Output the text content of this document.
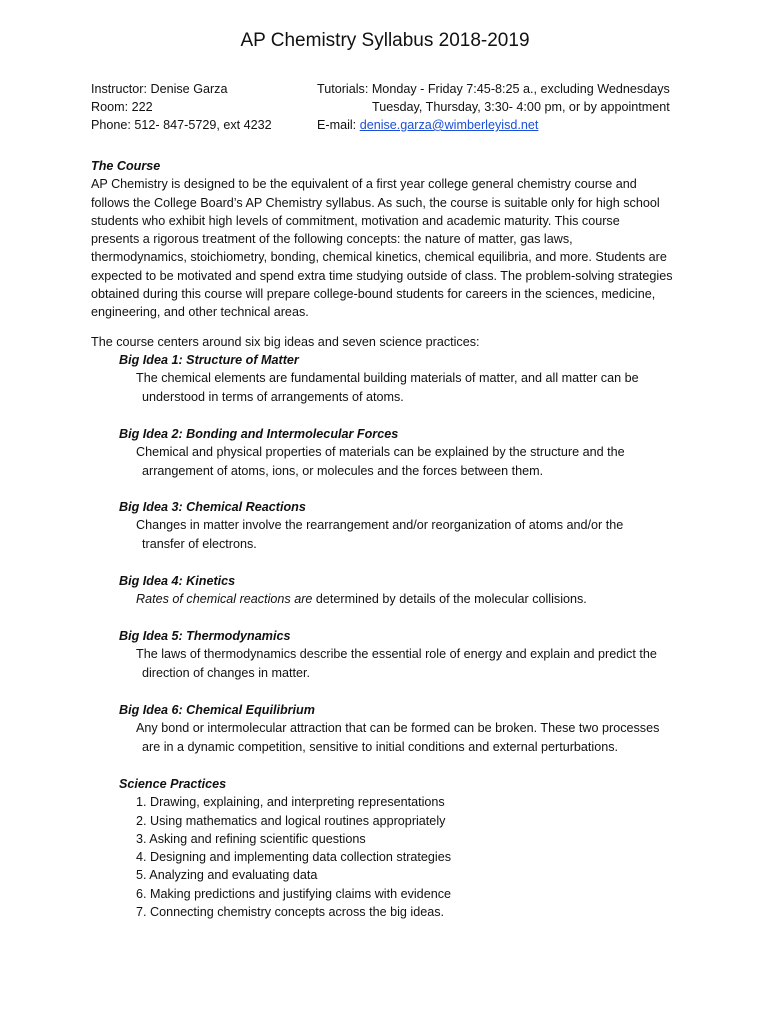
AP Chemistry Syllabus 2018-2019
Instructor: Denise Garza
Room: 222
Phone: 512- 847-5729, ext 4232
Tutorials: Monday - Friday 7:45-8:25 a., excluding Wednesdays
Tuesday, Thursday, 3:30- 4:00 pm, or by appointment
E-mail: denise.garza@wimberleyisd.net

The Course

AP Chemistry is designed to be the equivalent of a first year college general chemistry course and

follows the College Board’s AP Chemistry syllabus. As such, the course is suitable only for high school

students who exhibit high levels of commitment, motivation and academic maturity. This course

presents a rigorous treatment of the following concepts: the nature of matter, gas laws,

thermodynamics, stoichiometry, bonding, chemical kinetics, chemical equilibria, and more. Students are

expected to be motivated and spend extra time studying outside of class. The problem-solving strategies

obtained during this course will prepare college-bound students for careers in the sciences, medicine,

engineering, and other technical areas.

The course centers around six big ideas and seven science practices:
Big Idea 1: Structure of Matter
The chemical elements are fundamental building materials of matter, and all matter can be
understood in terms of arrangements of atoms.
Big Idea 2: Bonding and Intermolecular Forces
Chemical and physical properties of materials can be explained by the structure and the
arrangement of atoms, ions, or molecules and the forces between them.
Big Idea 3: Chemical Reactions
Changes in matter involve the rearrangement and/or reorganization of atoms and/or the
transfer of electrons.
Big Idea 4: Kinetics
Rates of chemical reactions are determined by details of the molecular collisions.
Big Idea 5: Thermodynamics
The laws of thermodynamics describe the essential role of energy and explain and predict the
direction of changes in matter.
Big Idea 6: Chemical Equilibrium
Any bond or intermolecular attraction that can be formed can be broken. These two processes
are in a dynamic competition, sensitive to initial conditions and external perturbations.
Science Practices
1. Drawing, explaining, and interpreting representations
2. Using mathematics and logical routines appropriately
3. Asking and refining scientific questions
4. Designing and implementing data collection strategies
5. Analyzing and evaluating data
6. Making predictions and justifying claims with evidence
7. Connecting chemistry concepts across the big ideas.
